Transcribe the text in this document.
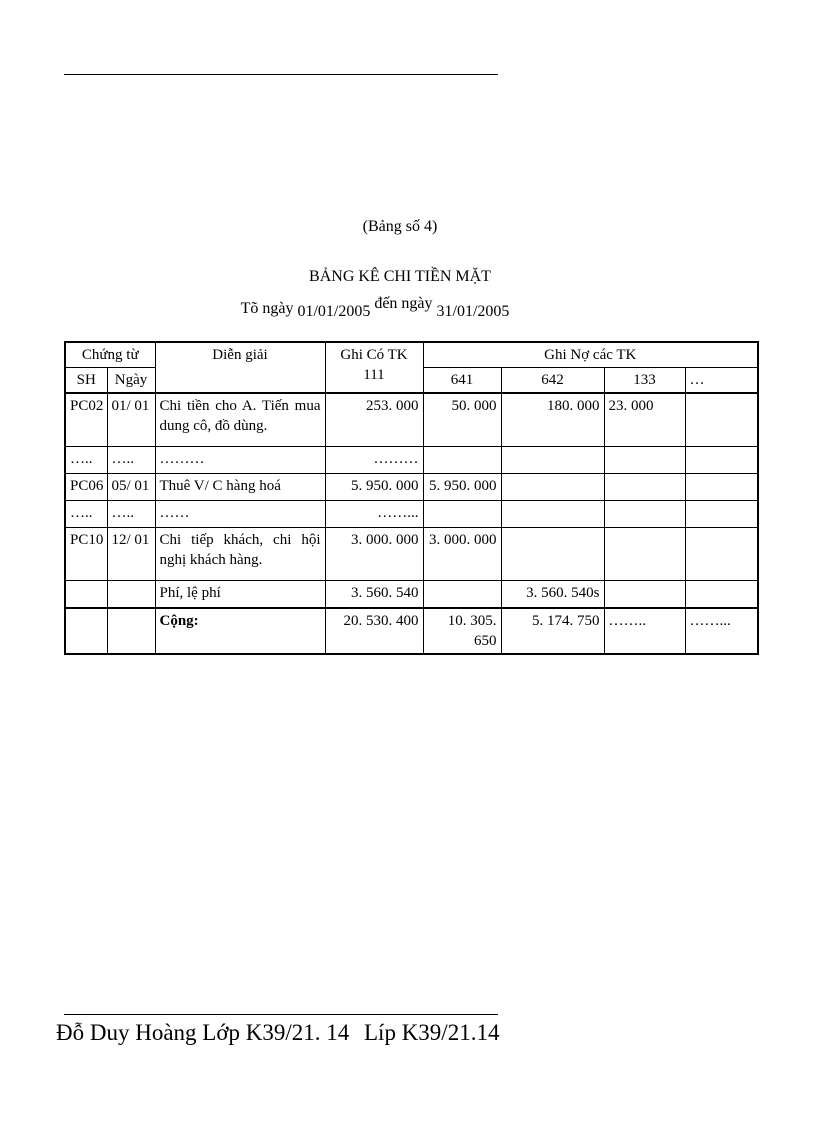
(Bảng số 4)
BẢNG KÊ CHI TIỀN MẶT
Tõ ngày 01/01/2005 đến ngày 31/01/2005
Chứng từ		Diễn giải	Ghi Có TK 111	Ghi Nợ các TK			
SH	Ngày			641	642	133	…
PC02	01/ 01	Chi tiền cho A. Tiến mua dung cô, đồ dùng.	253. 000	50. 000	180. 000	23. 000	
…..	…..	………	………				
PC06	05/ 01	Thuê V/ C hàng hoá	5. 950. 000	5. 950. 000			
…..	…..	……	……...				
PC10	12/ 01	Chi tiếp khách, chi hội nghị khách hàng.	3. 000. 000	3. 000. 000			
		Phí, lệ phí	3. 560. 540		3. 560. 540s		
		Cộng:	20. 530. 400	10. 305. 650	5. 174. 750	……..	……...
Đỗ Duy Hoàng Lớp K39/21. 14 Líp K39/21.14
